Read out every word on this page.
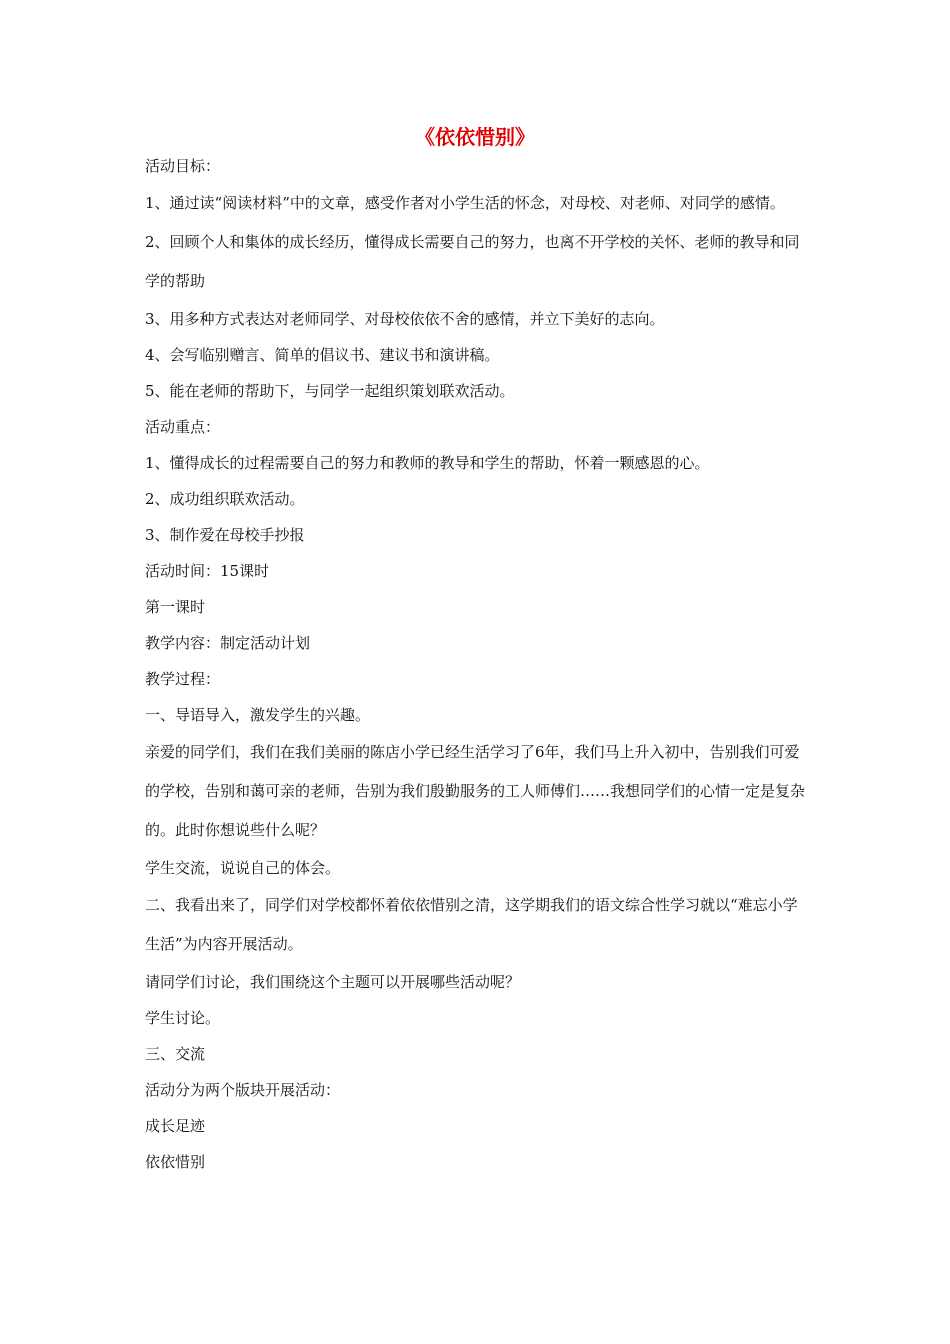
《依依惜别》

活动目标：

1、通过读“阅读材料”中的文章，感受作者对小学生活的怀念，对母校、对老师、对同学的感情。

2、回顾个人和集体的成长经历，懂得成长需要自己的努力，也离不开学校的关怀、老师的教导和同学的帮助

3、用多种方式表达对老师同学、对母校依依不舍的感情，并立下美好的志向。

4、会写临别赠言、简单的倡议书、建议书和演讲稿。

5、能在老师的帮助下，与同学一起组织策划联欢活动。

活动重点：

1、懂得成长的过程需要自己的努力和教师的教导和学生的帮助，怀着一颗感恩的心。

2、成功组织联欢活动。

3、制作爱在母校手抄报

活动时间：15课时

第一课时

教学内容：制定活动计划

教学过程：

一、导语导入，激发学生的兴趣。

亲爱的同学们，我们在我们美丽的陈店小学已经生活学习了6年，我们马上升入初中，告别我们可爱的学校，告别和蔼可亲的老师，告别为我们殷勤服务的工人师傅们……我想同学们的心情一定是复杂的。此时你想说些什么呢？

学生交流，说说自己的体会。

二、我看出来了，同学们对学校都怀着依依惜别之清，这学期我们的语文综合性学习就以“难忘小学生活”为内容开展活动。

请同学们讨论，我们围绕这个主题可以开展哪些活动呢？

学生讨论。

三、交流

活动分为两个版块开展活动：

成长足迹

依依惜别
